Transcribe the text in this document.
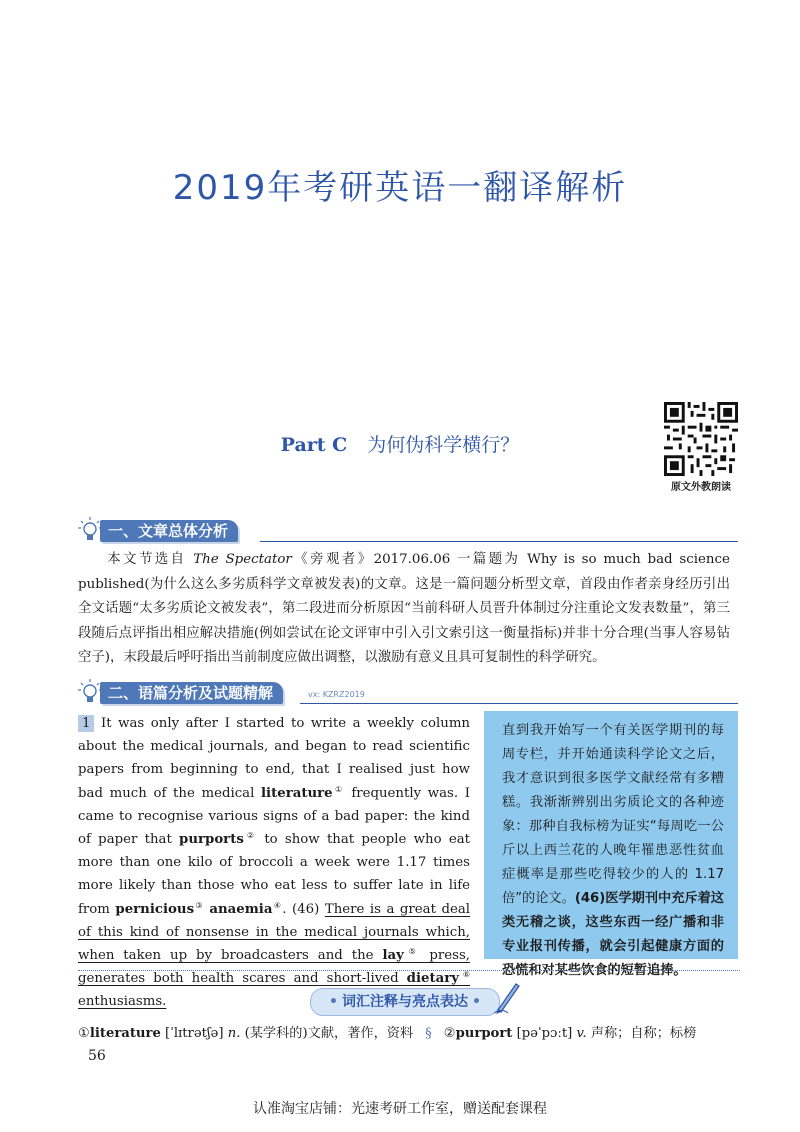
2019年考研英语一翻译解析
Part C 为何伪科学横行？
原文外教朗读
一、文章总体分析
  本文节选自 The Spectator《旁观者》2017.06.06 一篇题为 Why is so much bad science published(为什么这么多劣质科学文章被发表)的文章。这是一篇问题分析型文章，首段由作者亲身经历引出全文话题“太多劣质论文被发表”，第二段进而分析原因“当前科研人员晋升体制过分注重论文发表数量”，第三段随后点评指出相应解决措施(例如尝试在论文评审中引入引文索引这一衡量指标)并非十分合理(当事人容易钻空子)，末段最后呼吁指出当前制度应做出调整，以激励有意义且具可复制性的科学研究。
二、语篇分析及试题精解	vx: KZRZ2019
1 It was only after I started to write a weekly column about the medical journals, and began to read scientific papers from beginning to end, that I realised just how bad much of the medical literature① frequently was. I came to recognise various signs of a bad paper: the kind of paper that purports② to show that people who eat more than one kilo of broccoli a week were 1.17 times more likely than those who eat less to suffer late in life from pernicious③ anaemia④. (46) There is a great deal of this kind of nonsense in the medical journals which, when taken up by broadcasters and the lay⑤ press, generates both health scares and short-lived dietary⑥ enthusiasms.
直到我开始写一个有关医学期刊的每周专栏，并开始通读科学论文之后，我才意识到很多医学文献经常有多糟糕。我渐渐辨别出劣质论文的各种迹象：那种自我标榜为证实“每周吃一公斤以上西兰花的人晚年罹患恶性贫血症概率是那些吃得较少的人的 1.17 倍”的论文。(46)医学期刊中充斥着这类无稽之谈，这些东西一经广播和非专业报刊传播，就会引起健康方面的恐慌和对某些饮食的短暂追捧。
• 词汇注释与亮点表达 •
①literature [ˈlɪtrətʃə] n. (某学科的)文献，著作，资料 § ②purport [pəˈpɔːt] v. 声称；自称；标榜
56
认准淘宝店铺：光速考研工作室，赠送配套课程
